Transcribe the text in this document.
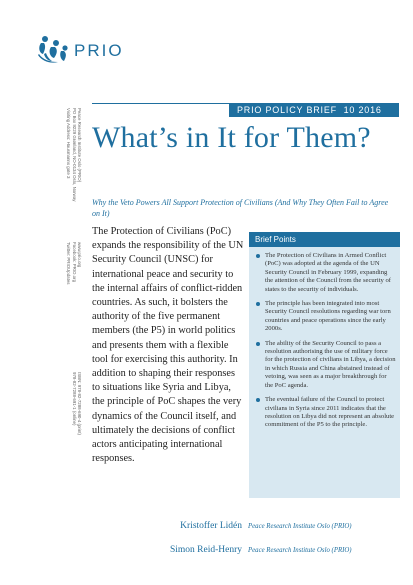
PRIO
PRIO POLICY BRIEF 10 2016
What’s in It for Them?

Why the Veto Powers All Support Protection of Civilians (And Why They Often Fail to Agree on It)

Peace Research Institute Oslo (PRIO)
PO Box 9229 Grønland, NO-0134 Oslo, Norway
Visiting Address: Hausmanns gate 3
www.prio.org
Facebook: PRIO.org
Twitter: PRIOUpdates
ISBN: 978-82-7288-690-4 (print)
978-82-7288-691-1 (online)

The Protection of Civilians (PoC) expands the responsibility of the UN Security Council (UNSC) for international peace and security to the internal affairs of conflict-ridden countries. As such, it bolsters the authority of the five permanent members (the P5) in world politics and presents them with a flexible tool for exercising this authority. In addition to shaping their responses to situations like Syria and Libya, the principle of PoC shapes the very dynamics of the Council itself, and ultimately the decisions of conflict actors anticipating international responses.

Brief Points
The Protection of Civilians in Armed Conflict (PoC) was adopted at the agenda of the UN Security Council in February 1999, expanding the attention of the Council from the security of states to the security of individuals.
The principle has been integrated into most Security Council resolutions regarding war torn countries and peace operations since the early 2000s.
The ability of the Security Council to pass a resolution authorising the use of military force for the protection of civilians in Libya, a decision in which Russia and China abstained instead of vetoing, was seen as a major breakthrough for the PoC agenda.
The eventual failure of the Council to protect civilians in Syria since 2011 indicates that the resolution on Libya did not represent an absolute commitment of the P5 to the principle.
Kristoffer Lidén Peace Research Institute Oslo (PRIO)
Simon Reid-Henry Peace Research Institute Oslo (PRIO)
